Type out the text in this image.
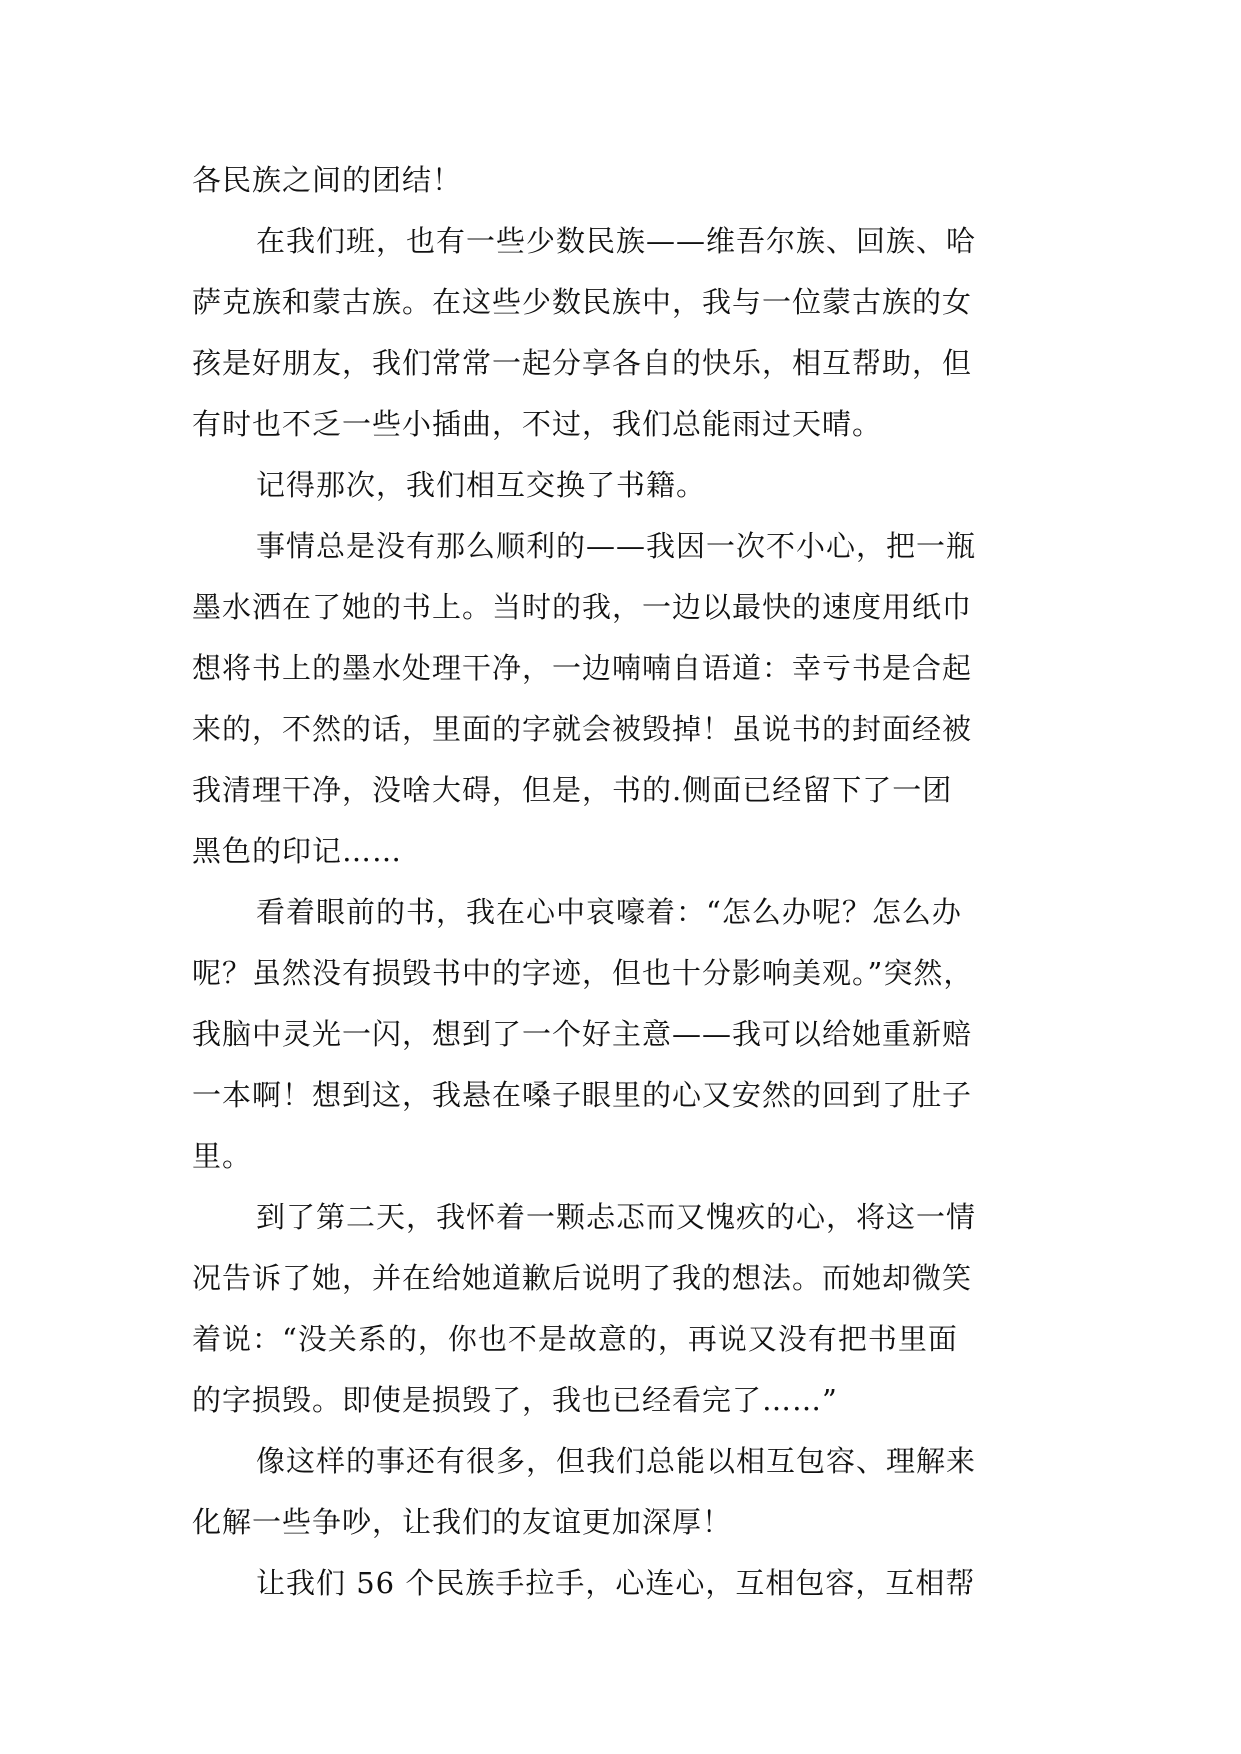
各民族之间的团结！
在我们班，也有一些少数民族——维吾尔族、回族、哈
萨克族和蒙古族。在这些少数民族中，我与一位蒙古族的女
孩是好朋友，我们常常一起分享各自的快乐，相互帮助，但
有时也不乏一些小插曲，不过，我们总能雨过天晴。
记得那次，我们相互交换了书籍。
事情总是没有那么顺利的——我因一次不小心，把一瓶
墨水洒在了她的书上。当时的我，一边以最快的速度用纸巾
想将书上的墨水处理干净，一边喃喃自语道：幸亏书是合起
来的，不然的话，里面的字就会被毁掉！虽说书的封面经被
我清理干净，没啥大碍，但是，书的.侧面已经留下了一团
黑色的印记……
看着眼前的书，我在心中哀嚎着：“怎么办呢？怎么办
呢？虽然没有损毁书中的字迹，但也十分影响美观。”突然，
我脑中灵光一闪，想到了一个好主意——我可以给她重新赔
一本啊！想到这，我悬在嗓子眼里的心又安然的回到了肚子
里。
到了第二天，我怀着一颗忐忑而又愧疚的心，将这一情
况告诉了她，并在给她道歉后说明了我的想法。而她却微笑
着说：“没关系的，你也不是故意的，再说又没有把书里面
的字损毁。即使是损毁了，我也已经看完了……”
像这样的事还有很多，但我们总能以相互包容、理解来
化解一些争吵，让我们的友谊更加深厚！
让我们 56 个民族手拉手，心连心，互相包容，互相帮
